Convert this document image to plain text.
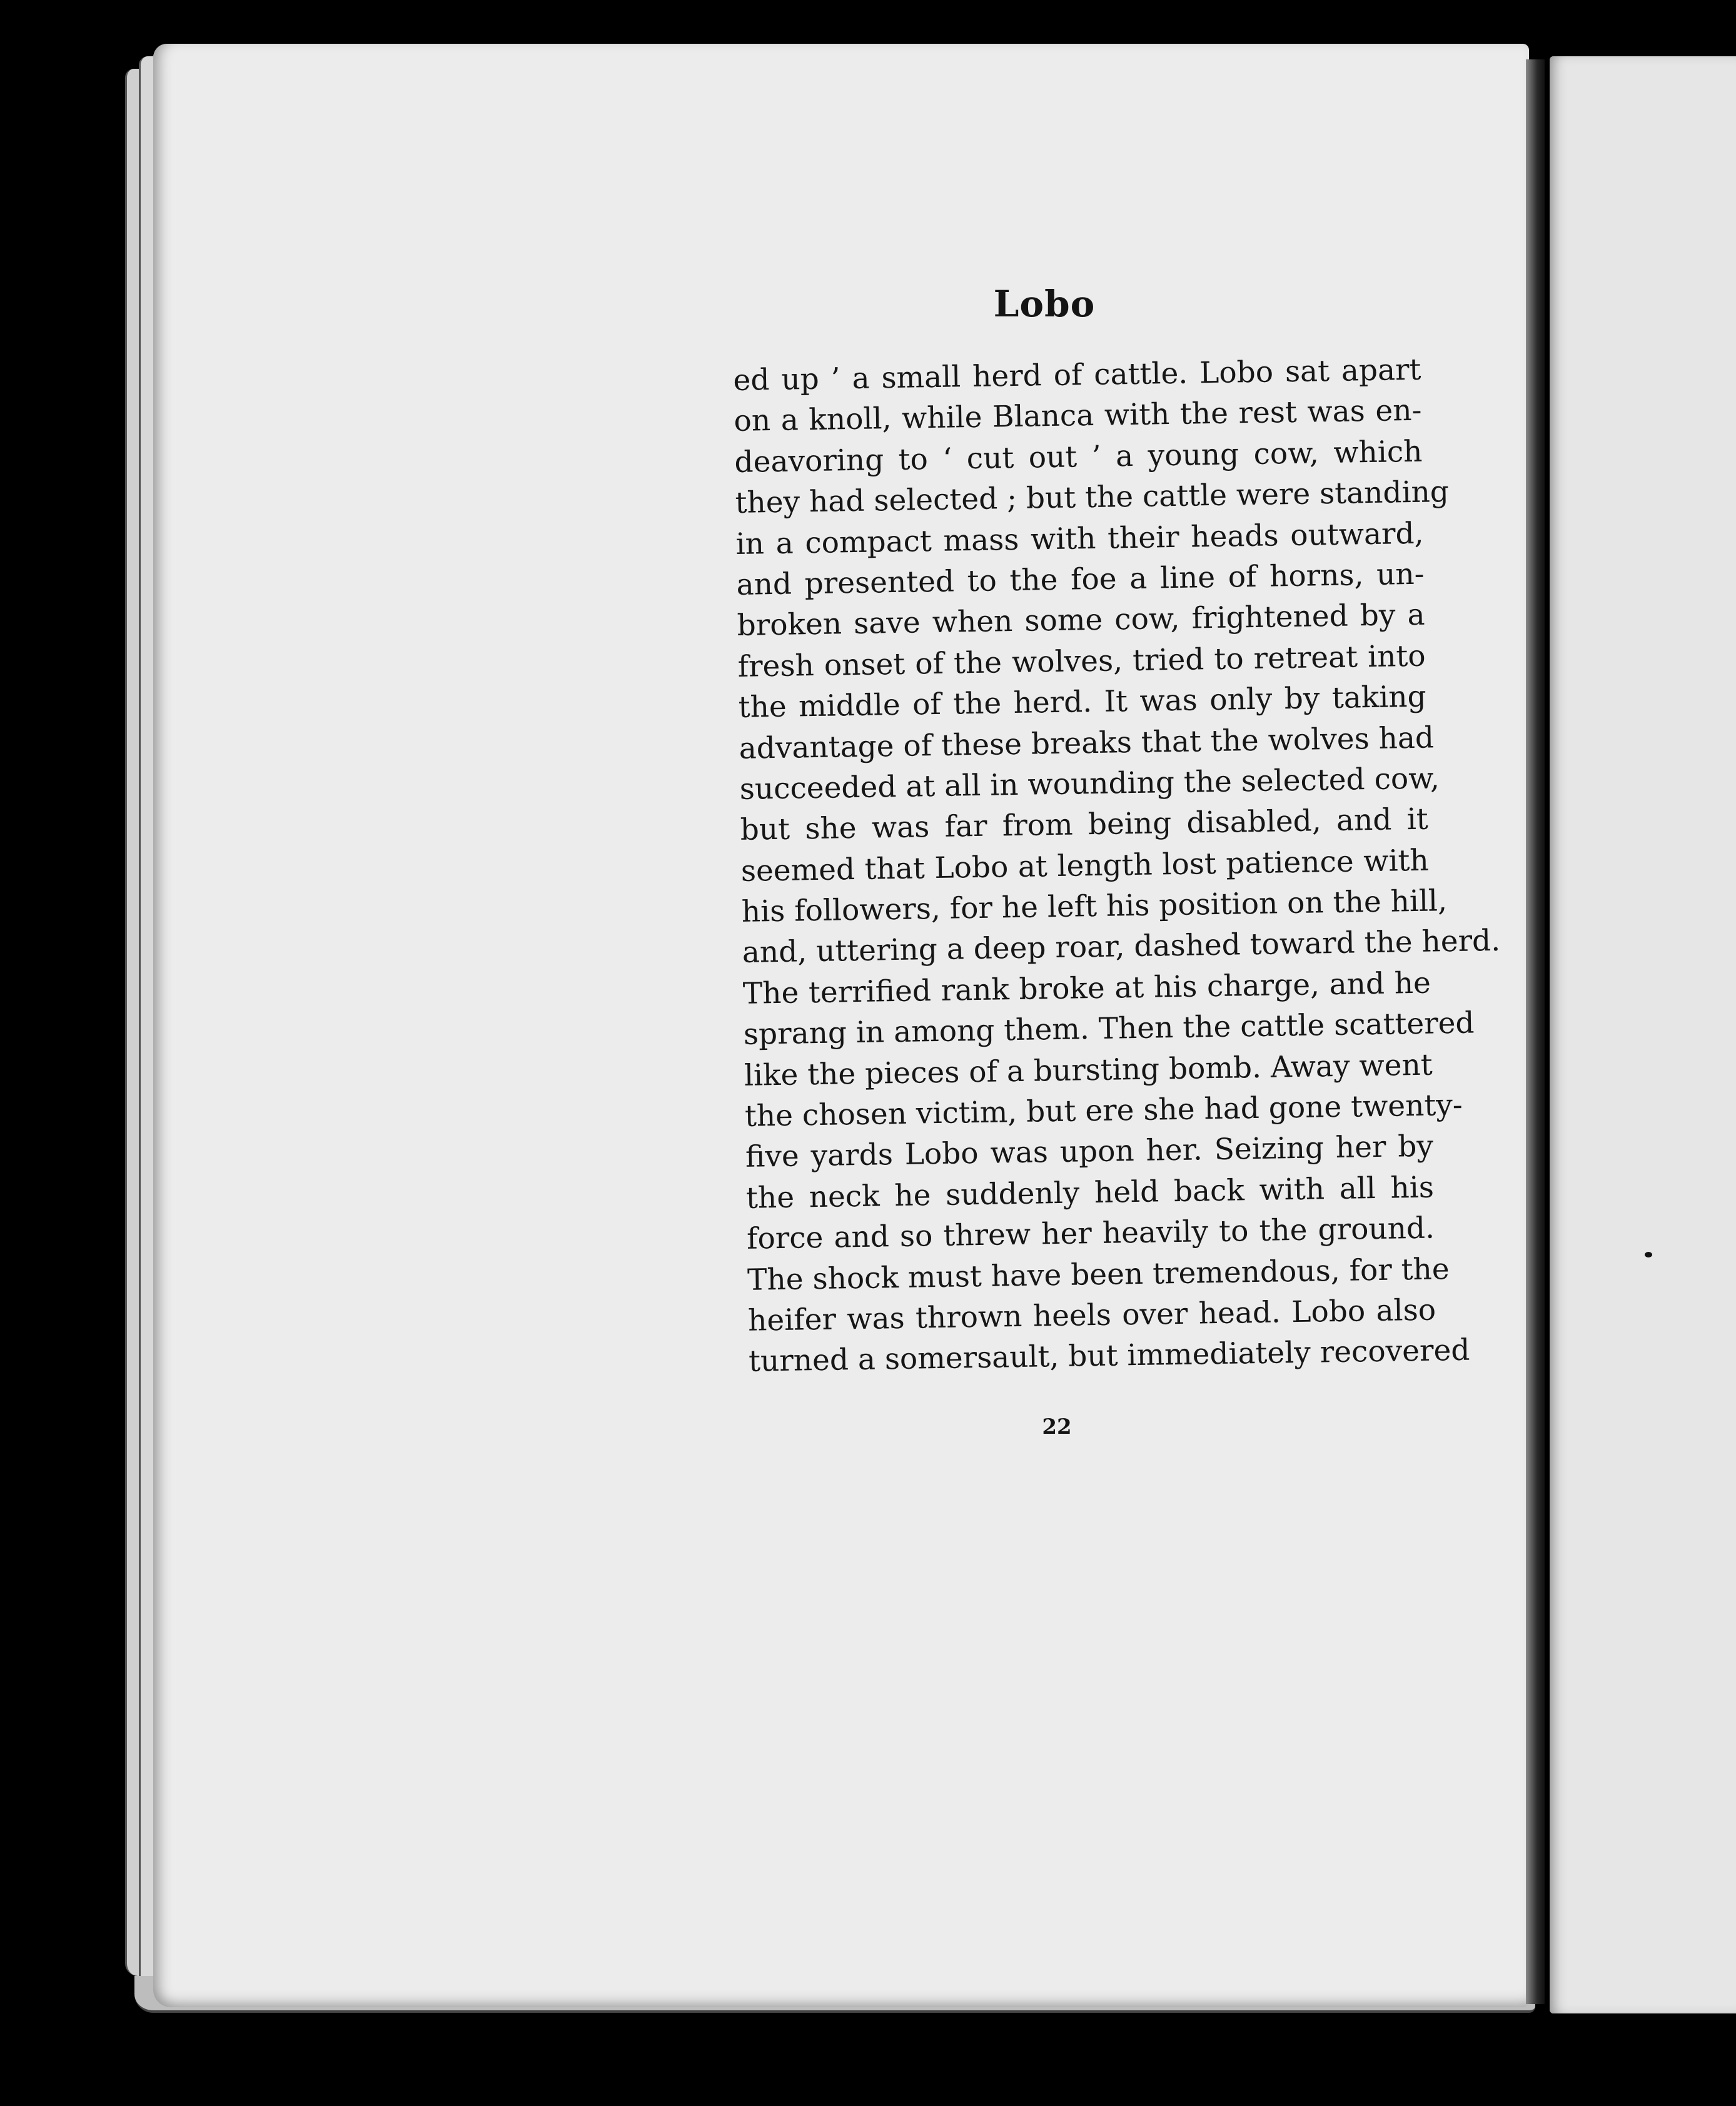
Lobo
ed up ’ a small herd of cattle. Lobo sat apart
on a knoll, while Blanca with the rest was en-
deavoring to ‘ cut out ’ a young cow, which
they had selected ; but the cattle were standing
in a compact mass with their heads outward,
and presented to the foe a line of horns, un-
broken save when some cow, frightened by a
fresh onset of the wolves, tried to retreat into
the middle of the herd. It was only by taking
advantage of these breaks that the wolves had
succeeded at all in wounding the selected cow,
but she was far from being disabled, and it
seemed that Lobo at length lost patience with
his followers, for he left his position on the hill,
and, uttering a deep roar, dashed toward the herd.
The terrified rank broke at his charge, and he
sprang in among them. Then the cattle scattered
like the pieces of a bursting bomb. Away went
the chosen victim, but ere she had gone twenty-
five yards Lobo was upon her. Seizing her by
the neck he suddenly held back with all his
force and so threw her heavily to the ground.
The shock must have been tremendous, for the
heifer was thrown heels over head. Lobo also
turned a somersault, but immediately recovered
22
